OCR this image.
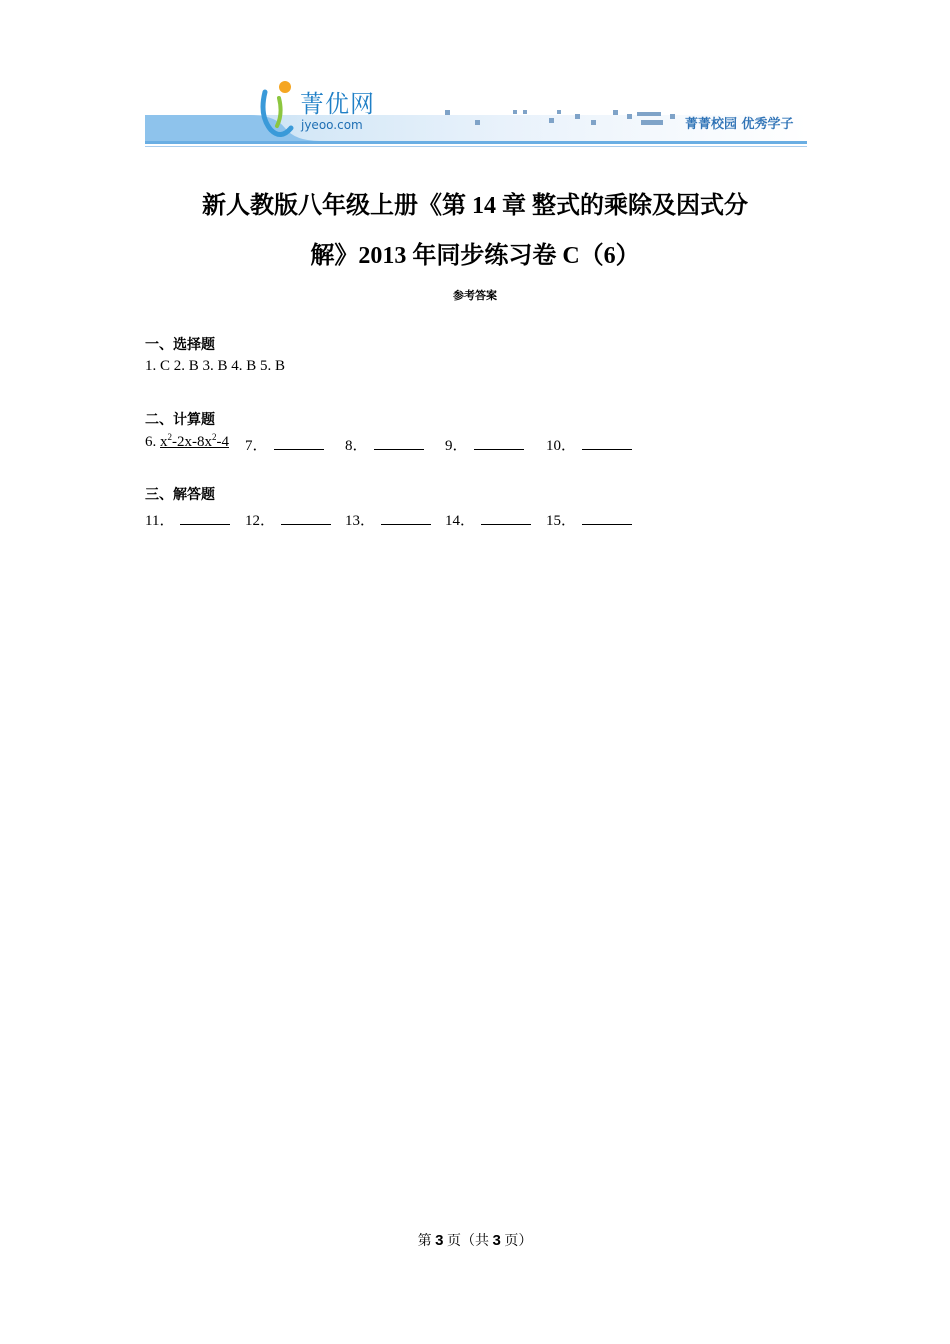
菁优网
jyeoo.com	菁菁校园 优秀学子
新人教版八年级上册《第 14 章 整式的乘除及因式分
解》2013 年同步练习卷 C（6）
参考答案
一、选择题
1. C 2. B 3. B 4. B 5. B
二、计算题
6. $x^2-2x-8x^2-4$ 7．	8．	9．	10．
三、解答题
11．	12．	13．	14．	15．
第 3 页（共 3 页）
